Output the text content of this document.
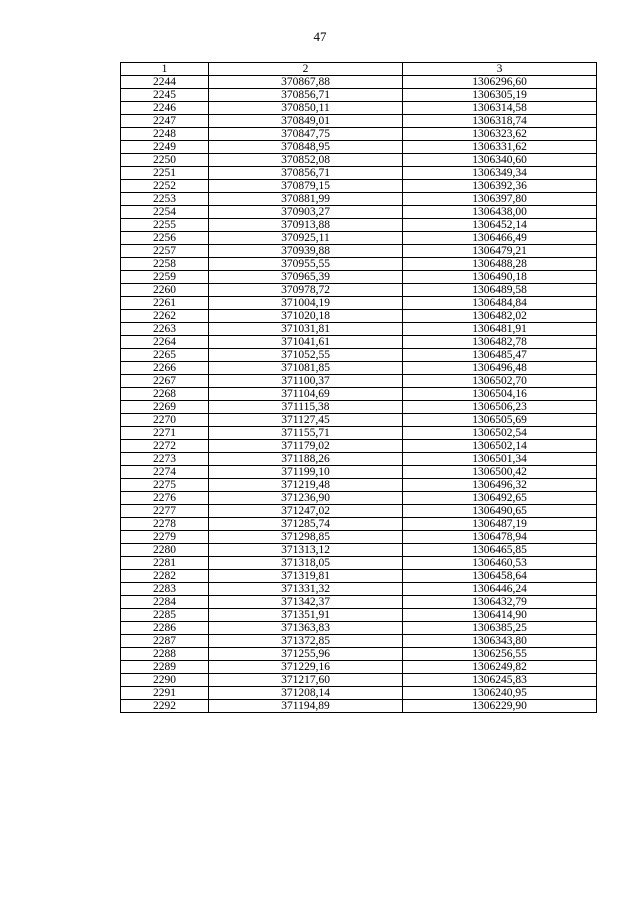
47
1	2	3
2244	370867,88	1306296,60
2245	370856,71	1306305,19
2246	370850,11	1306314,58
2247	370849,01	1306318,74
2248	370847,75	1306323,62
2249	370848,95	1306331,62
2250	370852,08	1306340,60
2251	370856,71	1306349,34
2252	370879,15	1306392,36
2253	370881,99	1306397,80
2254	370903,27	1306438,00
2255	370913,88	1306452,14
2256	370925,11	1306466,49
2257	370939,88	1306479,21
2258	370955,55	1306488,28
2259	370965,39	1306490,18
2260	370978,72	1306489,58
2261	371004,19	1306484,84
2262	371020,18	1306482,02
2263	371031,81	1306481,91
2264	371041,61	1306482,78
2265	371052,55	1306485,47
2266	371081,85	1306496,48
2267	371100,37	1306502,70
2268	371104,69	1306504,16
2269	371115,38	1306506,23
2270	371127,45	1306505,69
2271	371155,71	1306502,54
2272	371179,02	1306502,14
2273	371188,26	1306501,34
2274	371199,10	1306500,42
2275	371219,48	1306496,32
2276	371236,90	1306492,65
2277	371247,02	1306490,65
2278	371285,74	1306487,19
2279	371298,85	1306478,94
2280	371313,12	1306465,85
2281	371318,05	1306460,53
2282	371319,81	1306458,64
2283	371331,32	1306446,24
2284	371342,37	1306432,79
2285	371351,91	1306414,90
2286	371363,83	1306385,25
2287	371372,85	1306343,80
2288	371255,96	1306256,55
2289	371229,16	1306249,82
2290	371217,60	1306245,83
2291	371208,14	1306240,95
2292	371194,89	1306229,90
